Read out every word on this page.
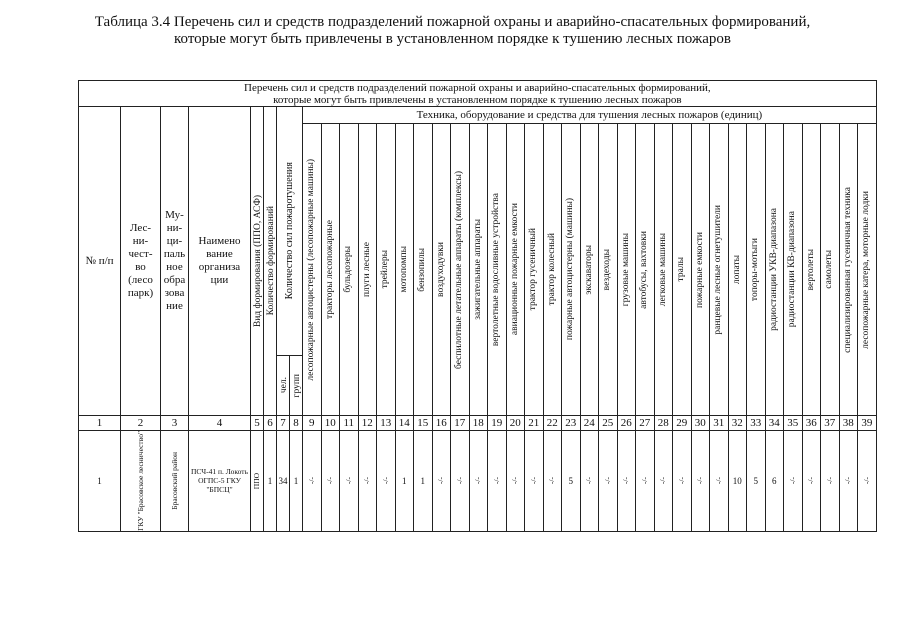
Таблица 3.4 Перечень сил и средств подразделений пожарной охраны и аварийно-спасательных формирований,
которые могут быть привлечены в установленном порядке к тушению лесных пожаров
Перечень сил и средств подразделений пожарной охраны и аварийно-спасательных формирований,
которые могут быть привлечены в установленном порядке к тушению лесных пожаров																																						

№ п/п	Лес-ни-чест-во (лесо парк)	Му-ни-ци-паль ное обра зова ние	Наимено вание организа ции	Вид формирования (ППО, АСФ)	Количество формирований	Количество сил пожаротушения		Техника, оборудование и средства для тушения лесных пожаров (единиц)																														

								лесопожарные автоцистерны (лесопожарные машины)	тракторы лесопожарные	бульдозеры	плуги лесные	трейлеры	мотопомпы	бензопилы	воздуходувки	беспилотные летательные аппараты (комплексы)	зажигательные аппараты	вертолетные водосливные устройства	авиационные пожарные емкости	трактор гусеничный	трактор колесный	пожарные автоцистерны (машины)	экскаваторы	вездеходы	грузовые машины	автобусы, вахтовки	легковые машины	тралы	пожарные емкости	ранцевые лесные огнетушители	лопаты	топоры-мотыги	радиостанции УКВ-диапазона	радиостанции КВ-диапазона	вертолеты	самолеты	специализированная гусеничная техника	лесопожарные катера, моторные лодки

						чел.	групп																															

1	2	3	4	5	6	7	8	9	10	11	12	13	14	15	16	17	18	19	20	21	22	23	24	25	26	27	28	29	30	31	32	33	34	35	36	37	38	39

1	ГКУ "Брасовское лесничество"	Брасовский район	ПСЧ-41 п. Локоть ОГПС-5 ГКУ "БПСЦ"	ППО	1	34	1	-/-	-/-	-/-	-/-	-/-	1	1	-/-	-/-	-/-	-/-	-/-	-/-	-/-	5	-/-	-/-	-/-	-/-	-/-	-/-	-/-	-/-	10	5	6	-/-	-/-	-/-	-/-	-/-
